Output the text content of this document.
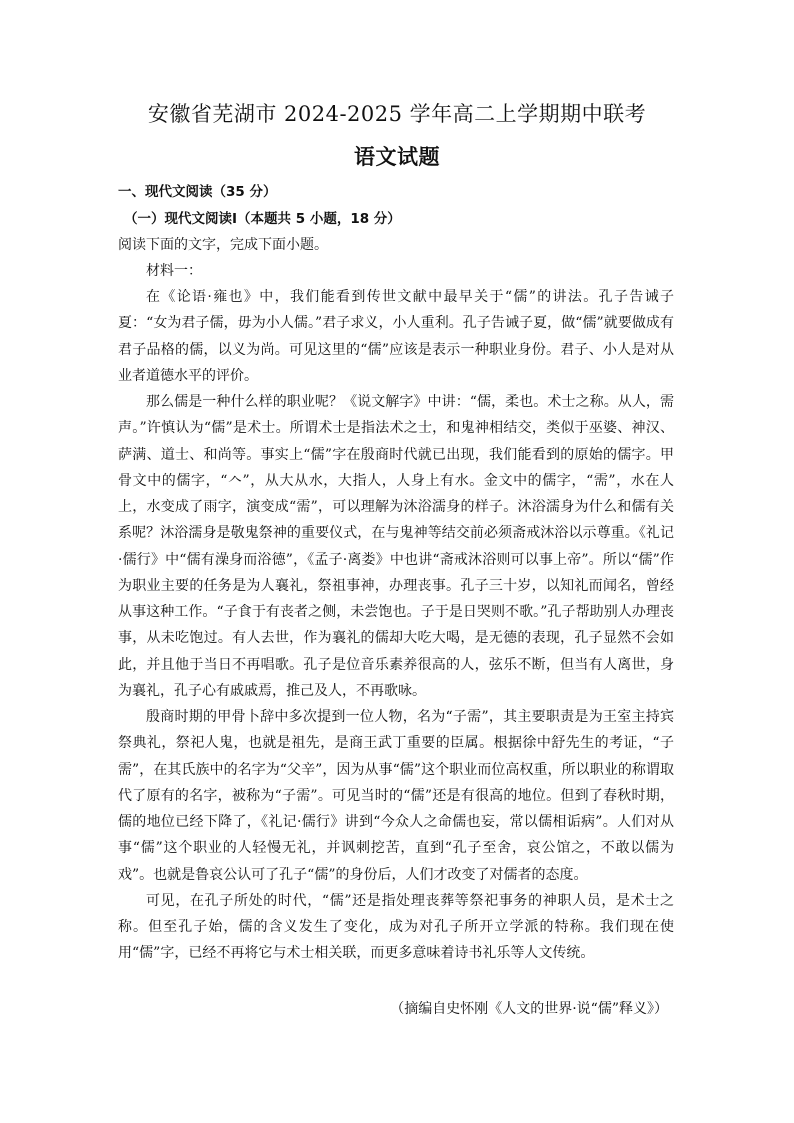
安徽省芜湖市 2024-2025 学年高二上学期期中联考
语文试题
一、现代文阅读（35 分）
（一）现代文阅读Ⅰ（本题共 5 小题，18 分）
阅读下面的文字，完成下面小题。
材料一：

在《论语·雍也》中，我们能看到传世文献中最早关于“儒”的讲法。孔子告诫子夏：“女为君子儒，毋为小人儒。”君子求义，小人重利。孔子告诫子夏，做“儒”就要做成有君子品格的儒，以义为尚。可见这里的“儒”应该是表示一种职业身份。君子、小人是对从业者道德水平的评价。

那么儒是一种什么样的职业呢？《说文解字》中讲：“儒，柔也。术士之称。从人，需声。”许慎认为“儒”是术士。所谓术士是指法术之士，和鬼神相结交，类似于巫婆、神汉、萨满、道士、和尚等。事实上“儒”字在殷商时代就已出现，我们能看到的原始的儒字。甲骨文中的儒字，“𠆢”，从大从水，大指人，人身上有水。金文中的儒字，“需”，水在人上，水变成了雨字，演变成“需”，可以理解为沐浴濡身的样子。沐浴濡身为什么和儒有关系呢？沐浴濡身是敬鬼祭神的重要仪式，在与鬼神等结交前必须斋戒沐浴以示尊重。《礼记·儒行》中“儒有澡身而浴德”，《孟子·离娄》中也讲“斋戒沐浴则可以事上帝”。所以“儒”作为职业主要的任务是为人襄礼，祭祖事神，办理丧事。孔子三十岁，以知礼而闻名，曾经从事这种工作。“子食于有丧者之侧，未尝饱也。子于是日哭则不歌。”孔子帮助别人办理丧事，从未吃饱过。有人去世，作为襄礼的儒却大吃大喝，是无德的表现，孔子显然不会如此，并且他于当日不再唱歌。孔子是位音乐素养很高的人，弦乐不断，但当有人离世，身为襄礼，孔子心有戚戚焉，推己及人，不再歌咏。

殷商时期的甲骨卜辞中多次提到一位人物，名为“子需”，其主要职责是为王室主持宾祭典礼，祭祀人鬼，也就是祖先，是商王武丁重要的臣属。根据徐中舒先生的考证，“子需”，在其氏族中的名字为“父辛”，因为从事“儒”这个职业而位高权重，所以职业的称谓取代了原有的名字，被称为“子需”。可见当时的“儒”还是有很高的地位。但到了春秋时期，儒的地位已经下降了，《礼记·儒行》讲到“今众人之命儒也妄，常以儒相诟病”。人们对从事“儒”这个职业的人轻慢无礼，并讽刺挖苦，直到“孔子至舍，哀公馆之，不敢以儒为戏”。也就是鲁哀公认可了孔子“儒”的身份后，人们才改变了对儒者的态度。

可见，在孔子所处的时代，“儒”还是指处理丧葬等祭祀事务的神职人员，是术士之称。但至孔子始，儒的含义发生了变化，成为对孔子所开立学派的特称。我们现在使用“儒”字，已经不再将它与术士相关联，而更多意味着诗书礼乐等人文传统。

（摘编自史怀刚《人文的世界·说“儒”释义》）
